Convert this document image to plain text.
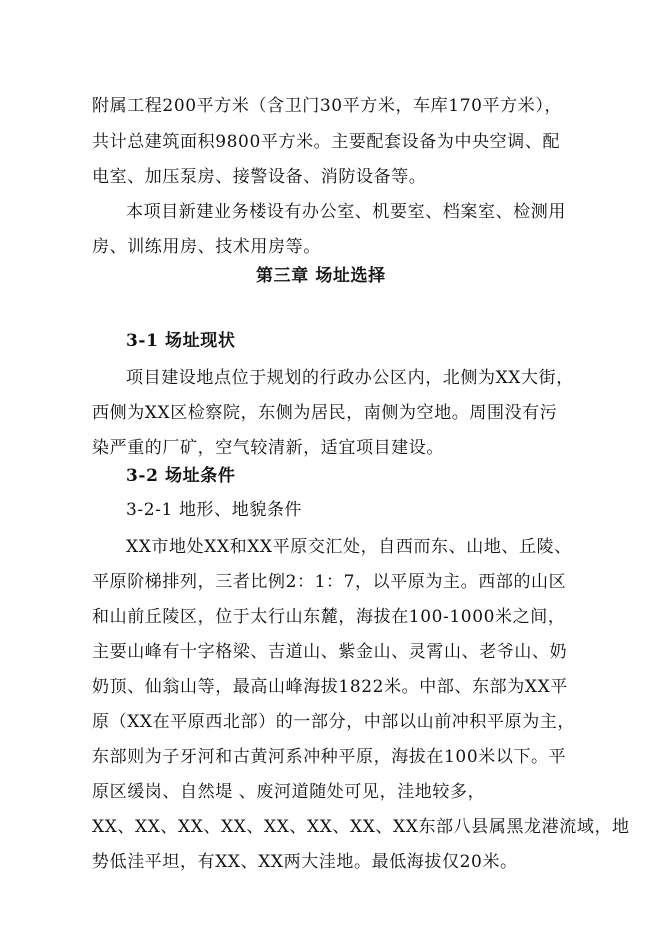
附属工程200平方米（含卫门30平方米，车库170平方米），
共计总建筑面积9800平方米。主要配套设备为中央空调、配
电室、加压泵房、接警设备、消防设备等。
本项目新建业务楼设有办公室、机要室、档案室、检测用
房、训练用房、技术用房等。
第三章 场址选择
3-1 场址现状
项目建设地点位于规划的行政办公区内，北侧为XX大街，
西侧为XX区检察院，东侧为居民，南侧为空地。周围没有污
染严重的厂矿，空气较清新，适宜项目建设。
3-2 场址条件
3-2-1 地形、地貌条件
XX市地处XX和XX平原交汇处，自西而东、山地、丘陵、
平原阶梯排列，三者比例2：1：7，以平原为主。西部的山区
和山前丘陵区，位于太行山东麓，海拔在100-1000米之间，
主要山峰有十字格梁、吉道山、紫金山、灵霄山、老爷山、奶
奶顶、仙翁山等，最高山峰海拔1822米。中部、东部为XX平
原（XX在平原西北部）的一部分，中部以山前冲积平原为主，
东部则为子牙河和古黄河系冲种平原，海拔在100米以下。平
原区缓岗、自然堤 、废河道随处可见，洼地较多，
XX、XX、XX、XX、XX、XX、XX、XX东部八县属黑龙港流域，地
势低洼平坦，有XX、XX两大洼地。最低海拔仅20米。
